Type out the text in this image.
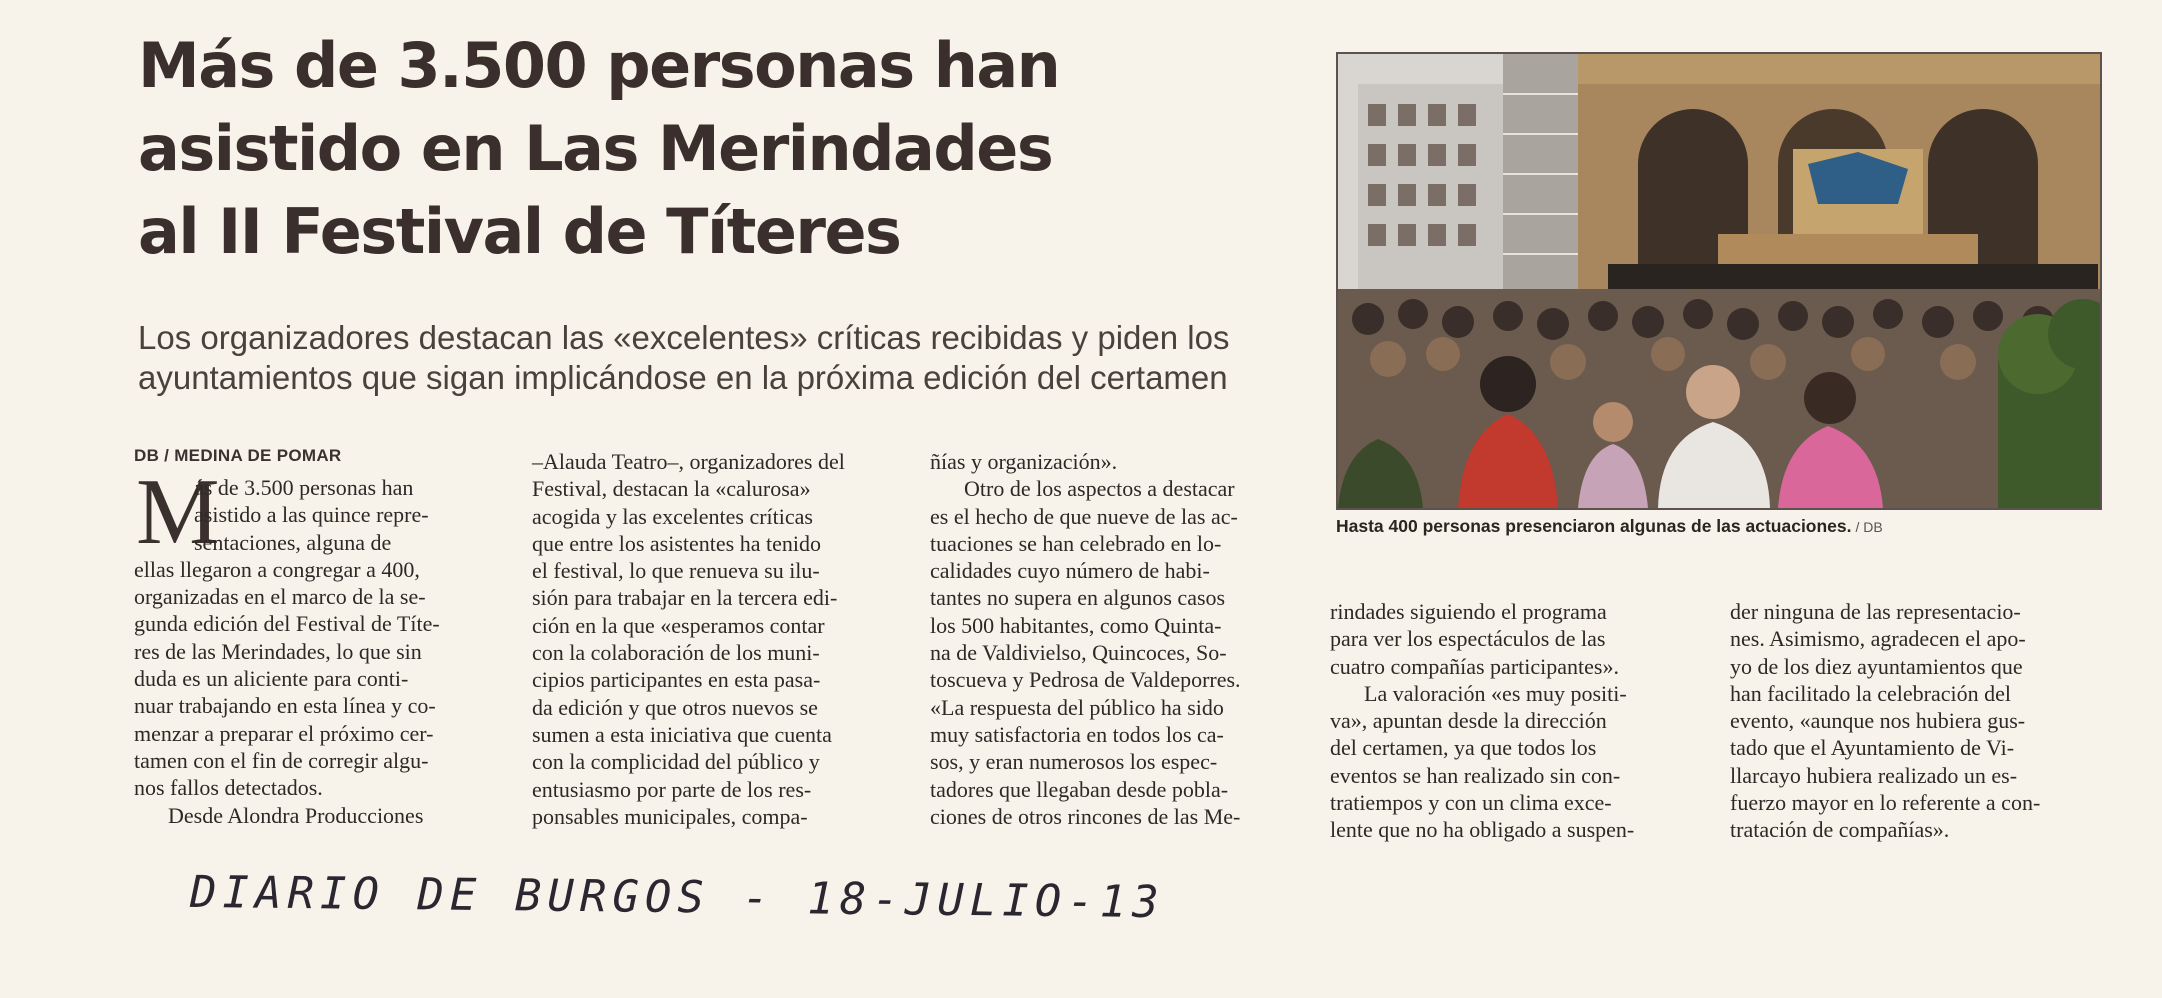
Más de 3.500 personas han
asistido en Las Merindades
al II Festival de Títeres

Los organizadores destacan las «excelentes» críticas recibidas y piden los
ayuntamientos que sigan implicándose en la próxima edición del certamen

DB / MEDINA DE POMAR
M
ás de 3.500 personas han
asistido a las quince repre-
sentaciones, alguna de
ellas llegaron a congregar a 400,
organizadas en el marco de la se-
gunda edición del Festival de Títe-
res de las Merindades, lo que sin
duda es un aliciente para conti-
nuar trabajando en esta línea y co-
menzar a preparar el próximo cer-
tamen con el fin de corregir algu-
nos fallos detectados.
Desde Alondra Producciones
–Alauda Teatro–, organizadores del
Festival, destacan la «calurosa»
acogida y las excelentes críticas
que entre los asistentes ha tenido
el festival, lo que renueva su ilu-
sión para trabajar en la tercera edi-
ción en la que «esperamos contar
con la colaboración de los muni-
cipios participantes en esta pasa-
da edición y que otros nuevos se
sumen a esta iniciativa que cuenta
con la complicidad del público y
entusiasmo por parte de los res-
ponsables municipales, compa-
ñías y organización».
Otro de los aspectos a destacar
es el hecho de que nueve de las ac-
tuaciones se han celebrado en lo-
calidades cuyo número de habi-
tantes no supera en algunos casos
los 500 habitantes, como Quinta-
na de Valdivielso, Quincoces, So-
toscueva y Pedrosa de Valdeporres.
«La respuesta del público ha sido
muy satisfactoria en todos los ca-
sos, y eran numerosos los espec-
tadores que llegaban desde pobla-
ciones de otros rincones de las Me-
rindades siguiendo el programa
para ver los espectáculos de las
cuatro compañías participantes».
La valoración «es muy positi-
va», apuntan desde la dirección
del certamen, ya que todos los
eventos se han realizado sin con-
tratiempos y con un clima exce-
lente que no ha obligado a suspen-
der ninguna de las representacio-
nes. Asimismo, agradecen el apo-
yo de los diez ayuntamientos que
han facilitado la celebración del
evento, «aunque nos hubiera gus-
tado que el Ayuntamiento de Vi-
llarcayo hubiera realizado un es-
fuerzo mayor en lo referente a con-
tratación de compañías».
Hasta 400 personas presenciaron algunas de las actuaciones. / DB
DIARIO DE BURGOS - 18-JULIO-13
